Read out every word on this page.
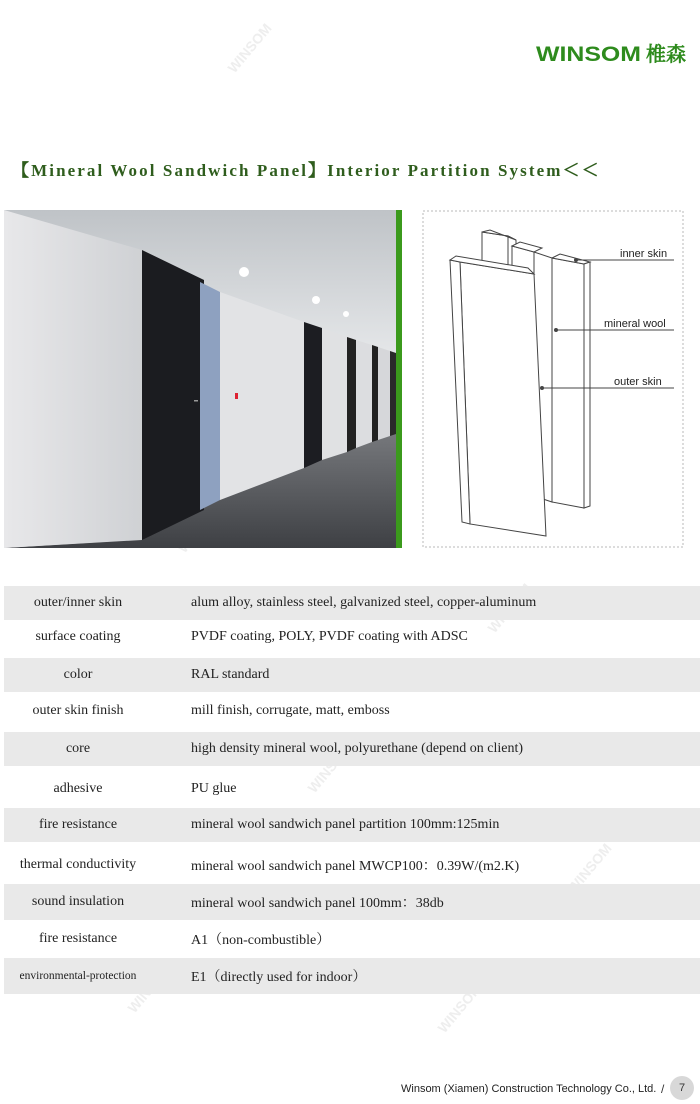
WINSOM
WINSOM
WINSOM
WINSOM
WINSOM 椎森
【Mineral Wool Sandwich Panel】Interior Partition System＜＜
inner skin
mineral wool
outer skin
outer/inner skin	alum alloy, stainless steel, galvanized steel, copper-aluminum
surface coating	PVDF coating, POLY, PVDF coating with ADSC
color	RAL standard
outer skin finish	mill finish, corrugate, matt, emboss
core	high density mineral wool, polyurethane (depend on client)
adhesive	PU glue
fire resistance	mineral wool sandwich panel partition 100mm:125min
thermal conductivity	mineral wool sandwich panel MWCP100：0.39W/(m2.K)
sound insulation	mineral wool sandwich panel 100mm：38db
fire resistance	A1（non-combustible）
environmental-protection	E1（directly used for indoor）
Winsom (Xiamen) Construction Technology Co., Ltd. /	7
